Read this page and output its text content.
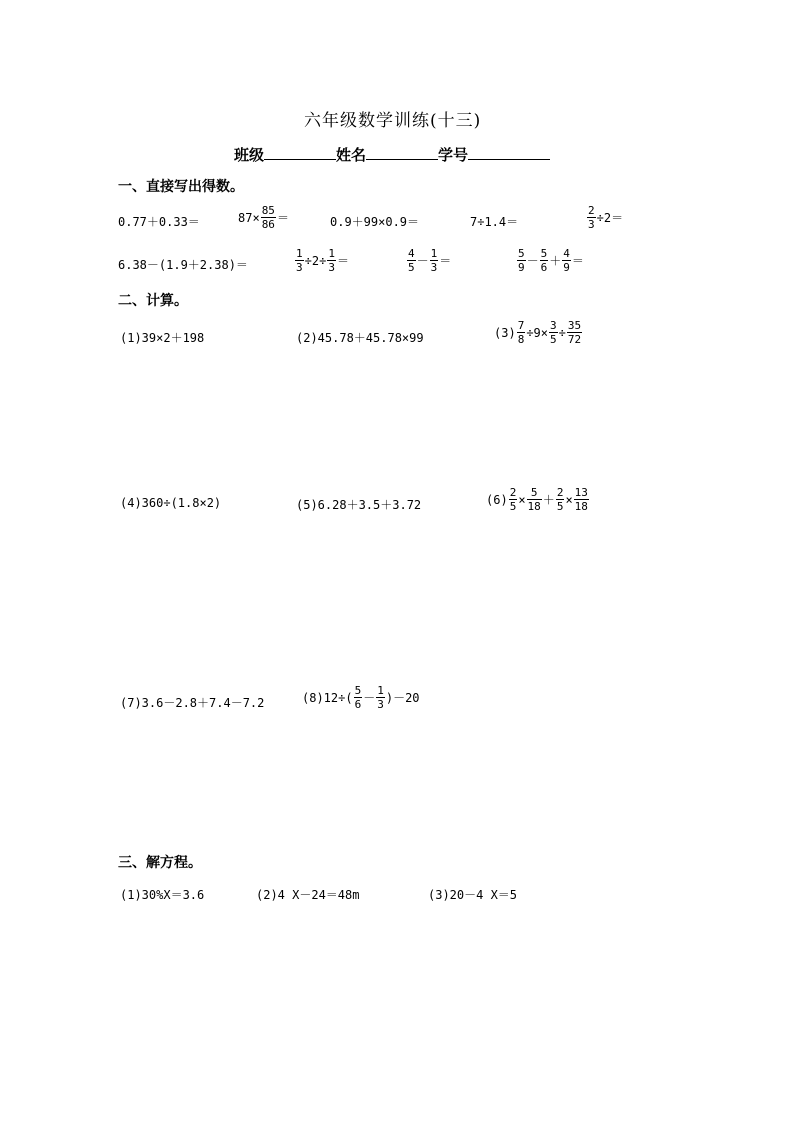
六年级数学训练(十三)
班级	姓名	学号
一、直接写出得数。
0.77＋0.33＝	$87\times \frac{85}{86}$ ＝	0.9＋99×0.9＝	7÷1.4＝	$\frac{2}{3} \div 2=$
6.38－(1.9＋2.38)＝	$\frac{1}{3} \div 2\div \frac{1}{3}$ ＝	$\frac{4}{5} - \frac{1}{3}$ ＝	$\frac{5}{9} - \frac{5}{6} + \frac{4}{9}$ ＝
二、计算。
(1)39×2＋198	(2)45.78＋45.78×99	$(3) \frac{7}{8} \div 9\times \frac{3}{5} \div \frac{35}{72}$
(4)360÷(1.8×2)	(5)6.28＋3.5＋3.72	$(6) \frac{2}{5} \times \frac{5}{18} + \frac{2}{5} \times \frac{13}{18}$
(7)3.6－2.8＋7.4－7.2	$(8)12\div( \frac{5}{6} - \frac{1}{3} )-20$
三、解方程。
(1)30%X＝3.6	(2)4 X－24＝48m	(3)20－4 X＝5
